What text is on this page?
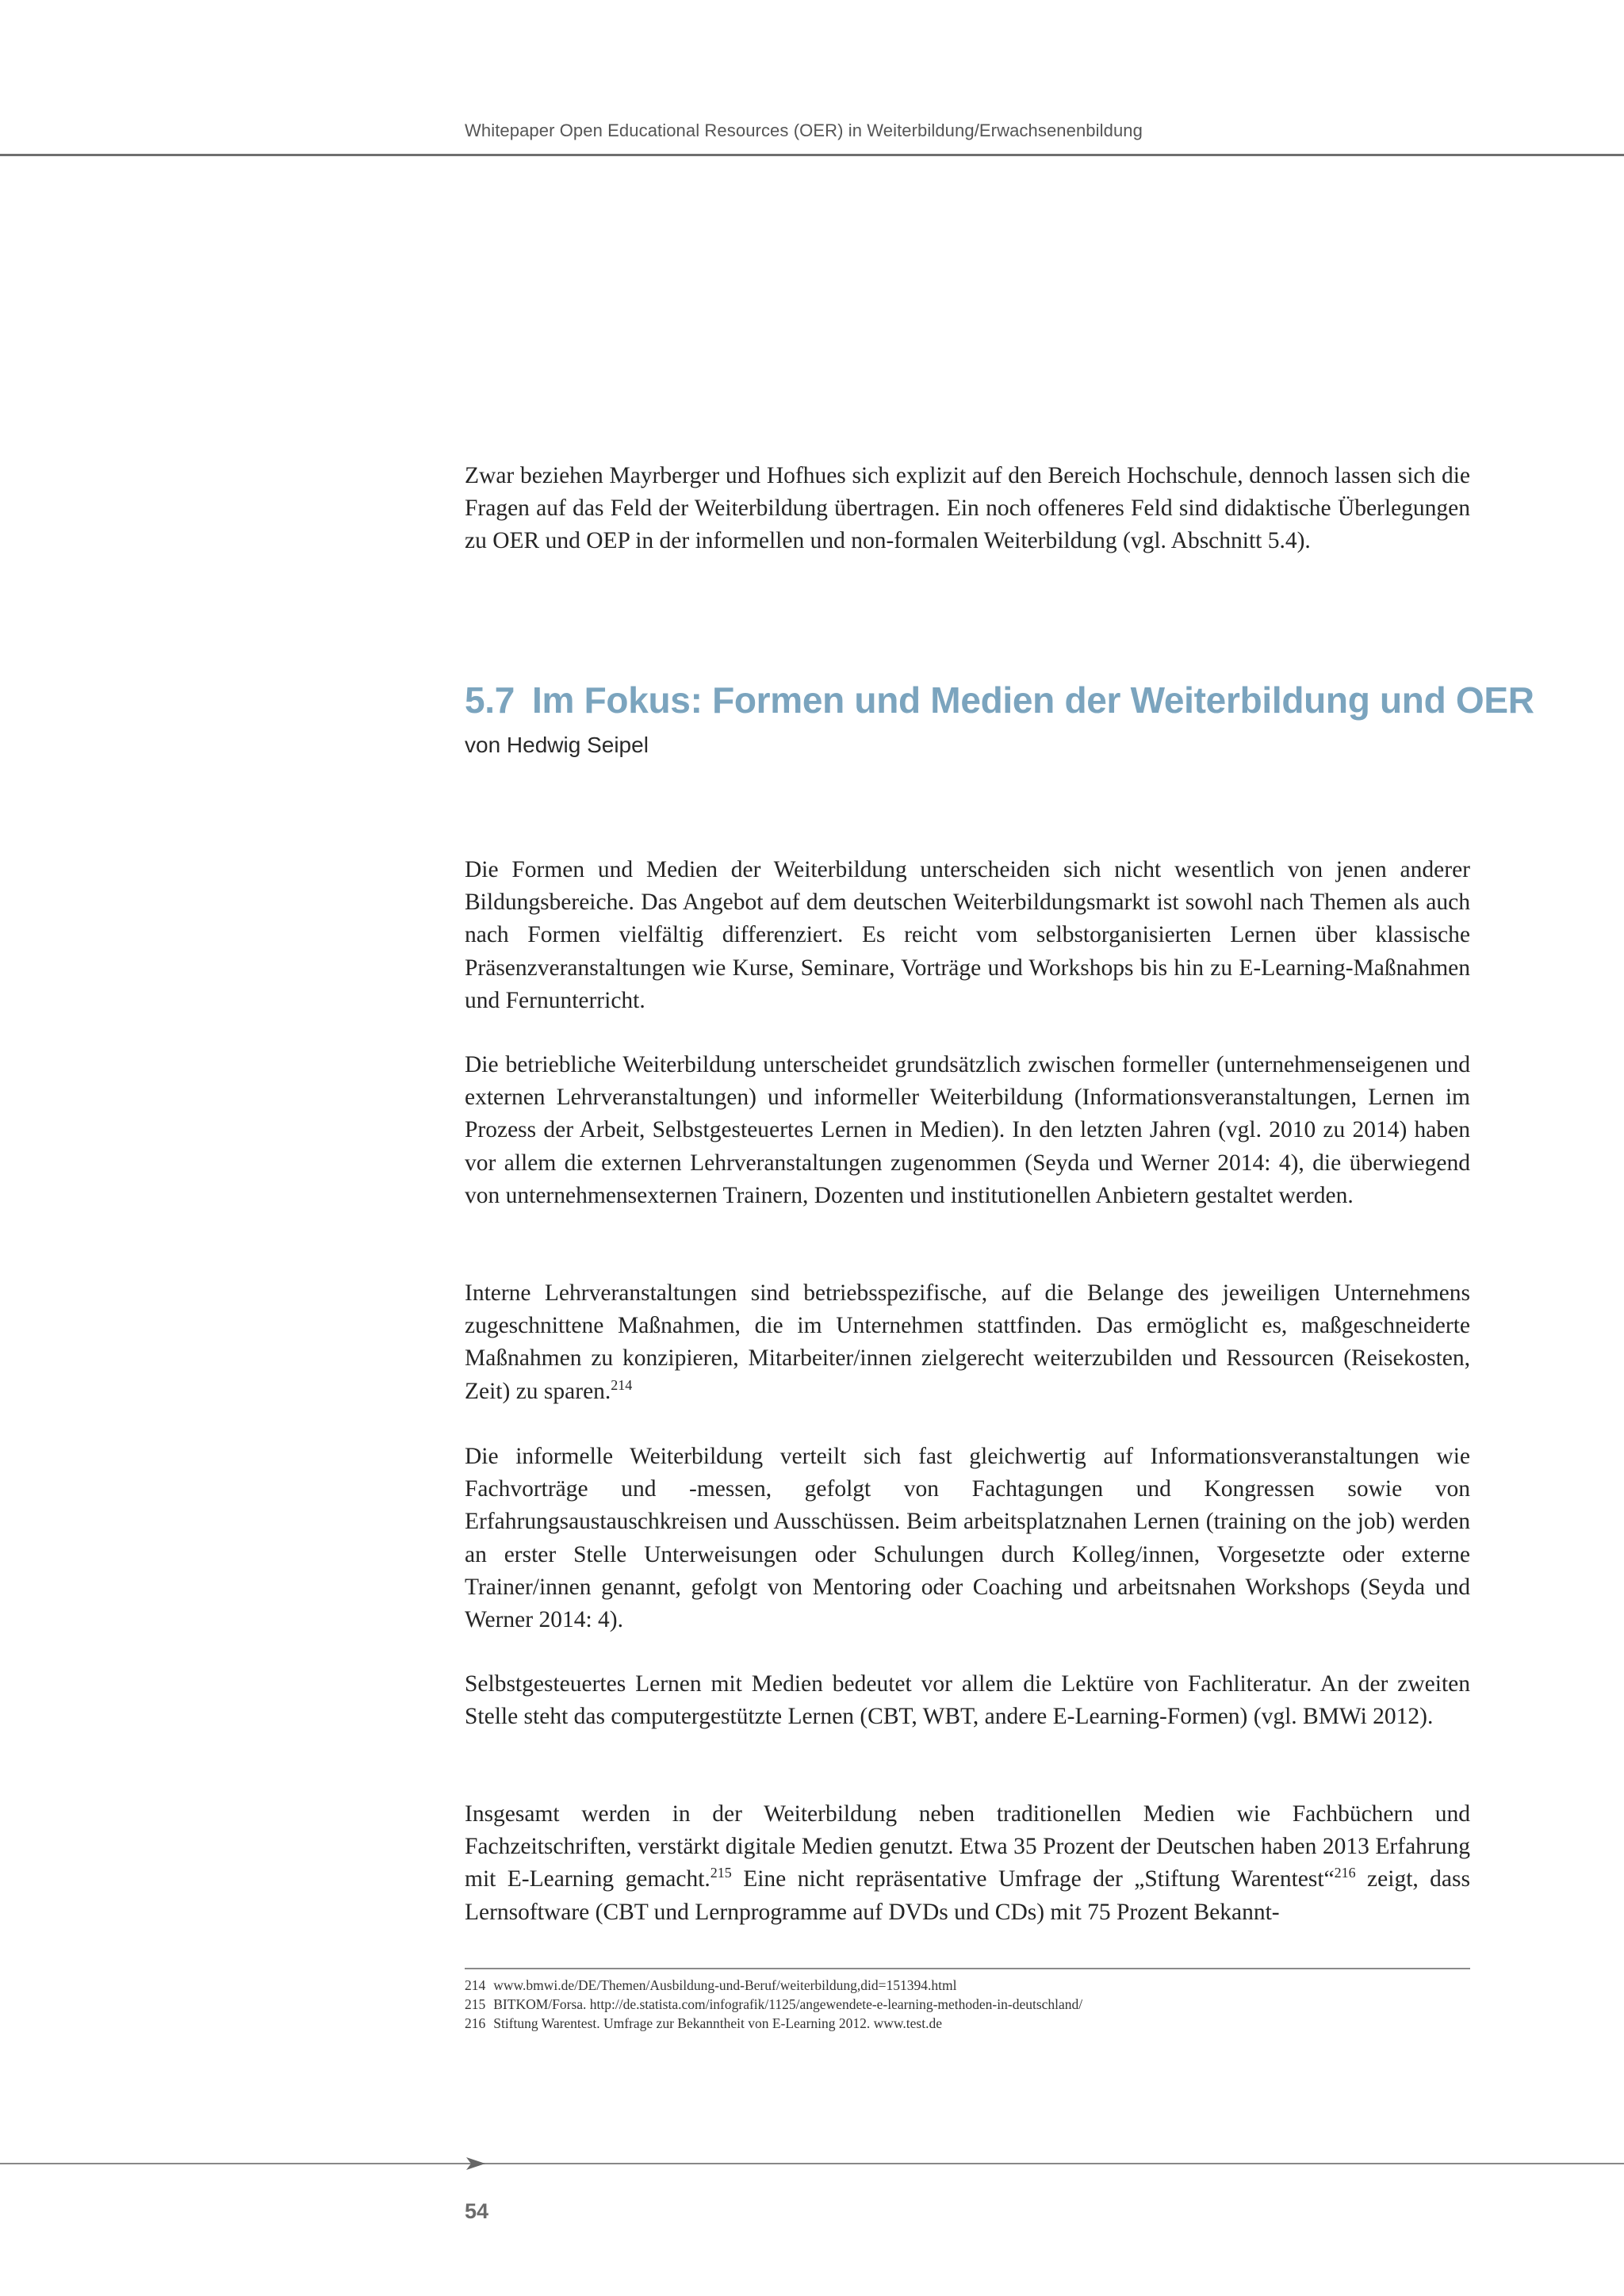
Whitepaper Open Educational Resources (OER) in Weiterbildung/Erwachsenenbildung

Zwar beziehen Mayrberger und Hofhues sich explizit auf den Bereich Hochschule, dennoch lassen sich die Fragen auf das Feld der Weiterbildung übertragen. Ein noch offeneres Feld sind didaktische Überlegungen zu OER und OEP in der informellen und non-formalen Weiterbildung (vgl. Abschnitt 5.4).

5.7 Im Fokus: Formen und Medien der Weiterbildung und OER
von Hedwig Seipel

Die Formen und Medien der Weiterbildung unterscheiden sich nicht wesentlich von jenen anderer Bildungsbereiche. Das Angebot auf dem deutschen Weiterbildungsmarkt ist sowohl nach Themen als auch nach Formen vielfältig differenziert. Es reicht vom selbstorganisierten Lernen über klassische Präsenzveranstaltungen wie Kurse, Seminare, Vorträge und Workshops bis hin zu E-Learning-Maßnahmen und Fernunterricht.

Die betriebliche Weiterbildung unterscheidet grundsätzlich zwischen formeller (unternehmenseigenen und externen Lehrveranstaltungen) und informeller Weiterbildung (Informationsveranstaltungen, Lernen im Prozess der Arbeit, Selbstgesteuertes Lernen in Medien). In den letzten Jahren (vgl. 2010 zu 2014) haben vor allem die externen Lehrveranstaltungen zugenommen (Seyda und Werner 2014: 4), die überwiegend von unternehmensexternen Trainern, Dozenten und institutionellen Anbietern gestaltet werden.

Interne Lehrveranstaltungen sind betriebsspezifische, auf die Belange des jeweiligen Unternehmens zugeschnittene Maßnahmen, die im Unternehmen stattfinden. Das ermöglicht es, maßgeschneiderte Maßnahmen zu konzipieren, Mitarbeiter/innen zielgerecht weiterzubilden und Ressourcen (Reisekosten, Zeit) zu sparen.$^{214}$

Die informelle Weiterbildung verteilt sich fast gleichwertig auf Informationsveranstaltungen wie Fachvorträge und -messen, gefolgt von Fachtagungen und Kongressen sowie von Erfahrungsaustauschkreisen und Ausschüssen. Beim arbeitsplatznahen Lernen (training on the job) werden an erster Stelle Unterweisungen oder Schulungen durch Kolleg/innen, Vorgesetzte oder externe Trainer/innen genannt, gefolgt von Mentoring oder Coaching und arbeitsnahen Workshops (Seyda und Werner 2014: 4).

Selbstgesteuertes Lernen mit Medien bedeutet vor allem die Lektüre von Fachliteratur. An der zweiten Stelle steht das computergestützte Lernen (CBT, WBT, andere E-Learning-Formen) (vgl. BMWi 2012).

Insgesamt werden in der Weiterbildung neben traditionellen Medien wie Fachbüchern und Fachzeitschriften, verstärkt digitale Medien genutzt. Etwa 35 Prozent der Deutschen haben 2013 Erfahrung mit E-Learning gemacht.$^{215}$ Eine nicht repräsentative Umfrage der „Stiftung Warentest“$^{216}$ zeigt, dass Lernsoftware (CBT und Lernprogramme auf DVDs und CDs) mit 75 Prozent Bekannt-

214 www.bmwi.de/DE/Themen/Ausbildung-und-Beruf/weiterbildung,did=151394.html
215 BITKOM/Forsa. http://de.statista.com/infografik/1125/angewendete-e-learning-methoden-in-deutschland/
216 Stiftung Warentest. Umfrage zur Bekanntheit von E-Learning 2012. www.test.de
54
